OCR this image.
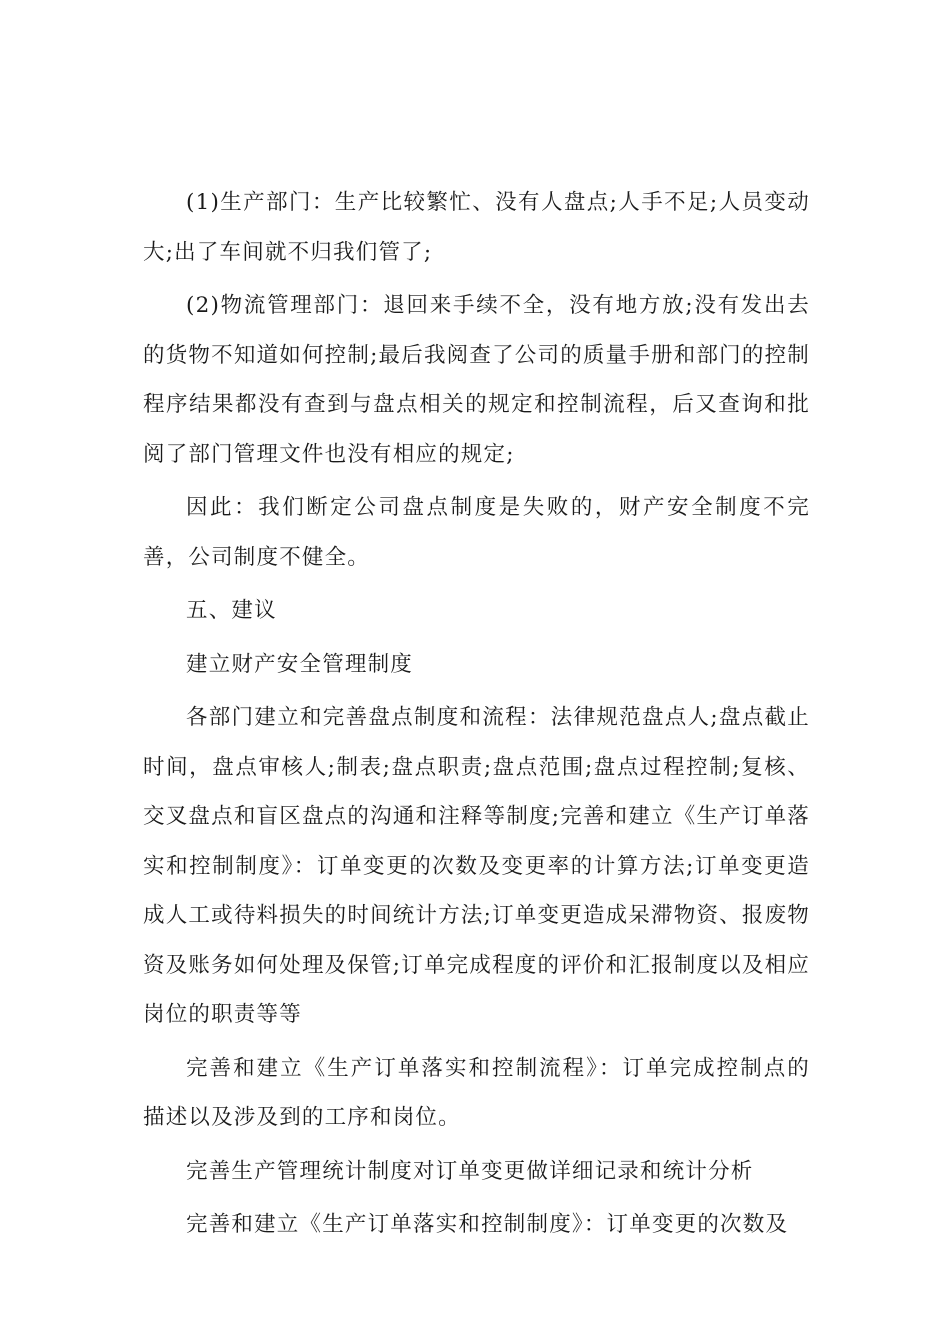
(1)生产部门：生产比较繁忙、没有人盘点;人手不足;人员变动大;出了车间就不归我们管了;

(2)物流管理部门：退回来手续不全，没有地方放;没有发出去的货物不知道如何控制;最后我阅查了公司的质量手册和部门的控制程序结果都没有查到与盘点相关的规定和控制流程，后又查询和批阅了部门管理文件也没有相应的规定;

因此：我们断定公司盘点制度是失败的，财产安全制度不完善，公司制度不健全。

五、建议

建立财产安全管理制度

各部门建立和完善盘点制度和流程：法律规范盘点人;盘点截止时间，盘点审核人;制表;盘点职责;盘点范围;盘点过程控制;复核、交叉盘点和盲区盘点的沟通和注释等制度;完善和建立《生产订单落实和控制制度》：订单变更的次数及变更率的计算方法;订单变更造成人工或待料损失的时间统计方法;订单变更造成呆滞物资、报废物资及账务如何处理及保管;订单完成程度的评价和汇报制度以及相应岗位的职责等等

完善和建立《生产订单落实和控制流程》：订单完成控制点的描述以及涉及到的工序和岗位。

完善生产管理统计制度对订单变更做详细记录和统计分析

完善和建立《生产订单落实和控制制度》：订单变更的次数及
